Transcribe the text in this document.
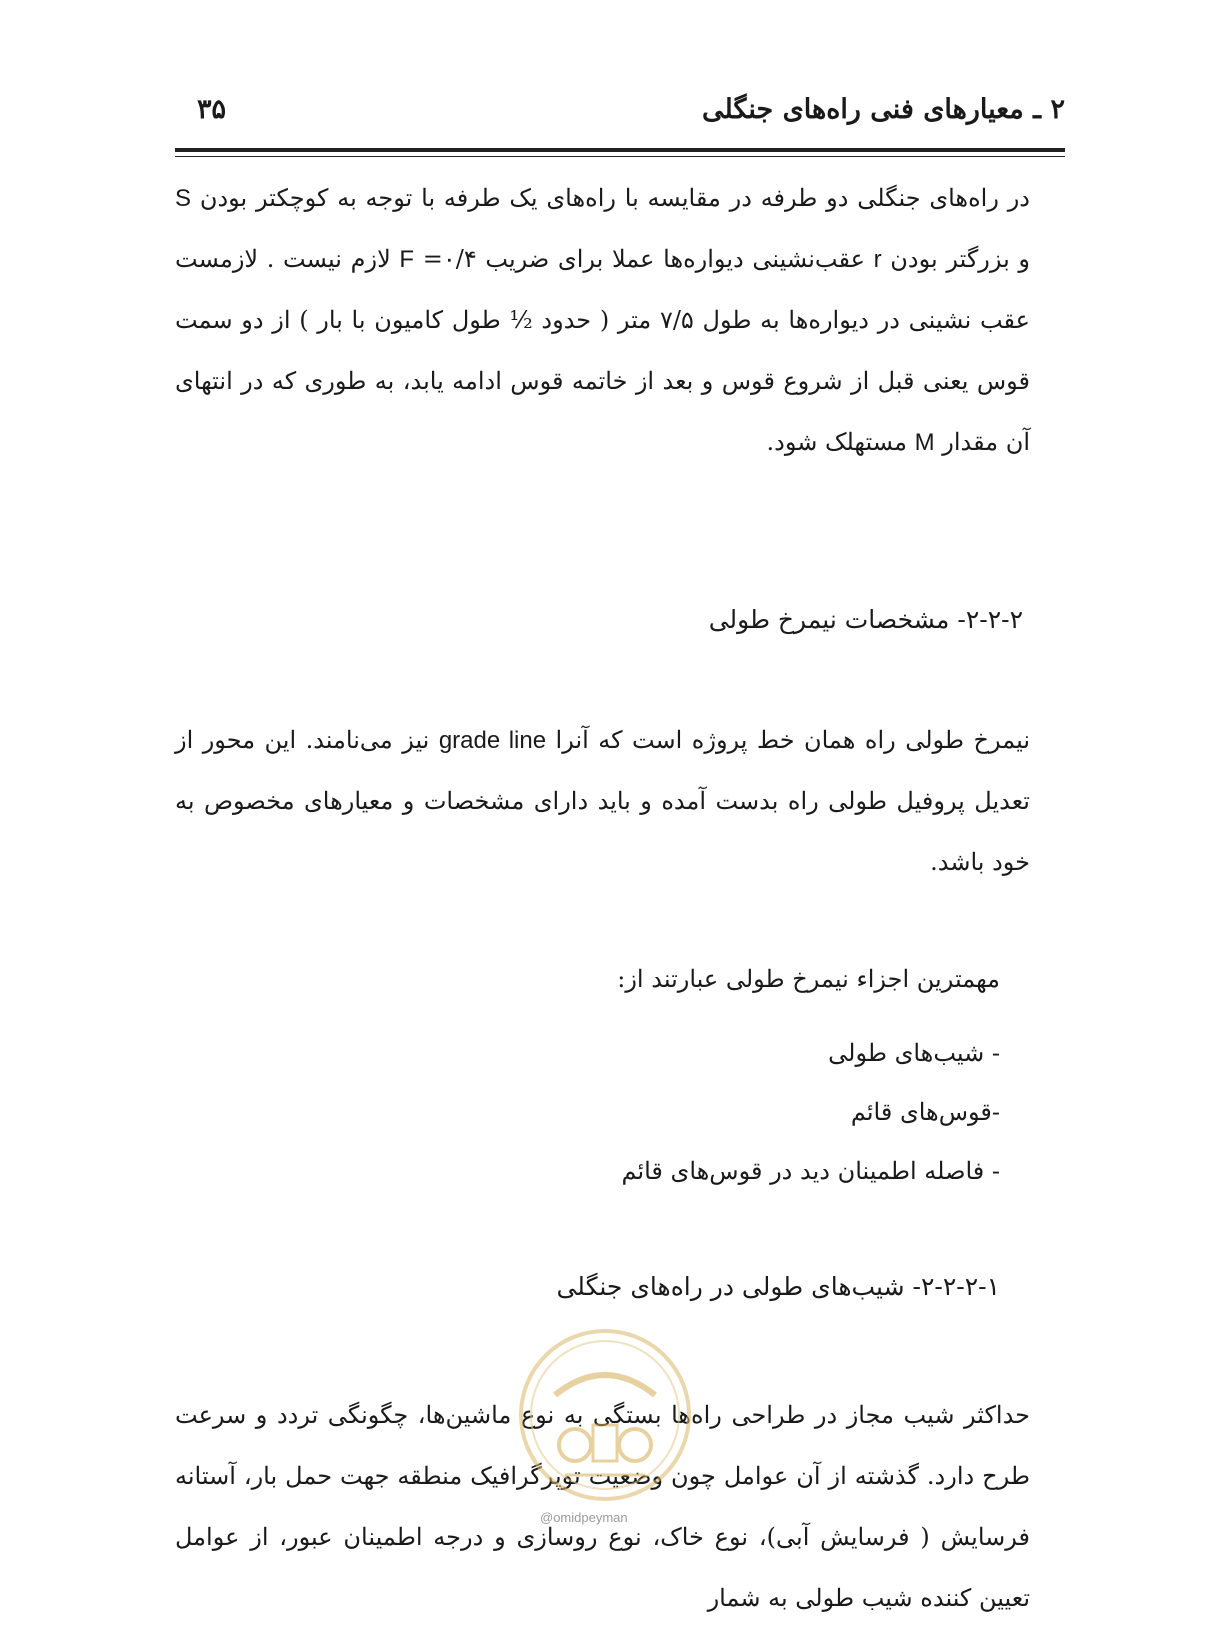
۲ ـ معیارهای فنی راه‌های جنگلی
۳۵

در راه‌های جنگلی دو طرفه در مقایسه با راه‌های یک طرفه با توجه به کوچکتر بودن S و بزرگتر بودن r عقب‌نشینی دیواره‌ها عملا برای ضریب F =۰/۴ لازم نیست . لازمست عقب نشینی در دیواره‌ها به طول ۷/۵ متر ( حدود ½ طول کامیون با بار ) از دو سمت قوس یعنی قبل از شروع قوس و بعد از خاتمه قوس ادامه یابد، به طوری که در انتهای آن مقدار M مستهلک شود.

۲-۲-۲- مشخصات نیمرخ طولی

نیمرخ طولی راه همان خط پروژه است که آنرا grade line نیز می‌نامند. این محور از تعدیل پروفیل طولی راه بدست آمده و باید دارای مشخصات و معیارهای مخصوص به خود باشد.

مهمترین اجزاء نیمرخ طولی عبارتند از:
- شیب‌های طولی
-قوس‌های قائم
- فاصله اطمینان دید در قوس‌های قائم
۲-۲-۲-۱- شیب‌های طولی در راه‌های جنگلی

حداکثر شیب مجاز در طراحی راه‌ها بستگی به نوع ماشین‌ها، چگونگی تردد و سرعت طرح دارد. گذشته از آن عوامل چون وضعیت توپرگرافیک منطقه جهت حمل بار، آستانه فرسایش ( فرسایش آبی)، نوع خاک، نوع روسازی و درجه اطمینان عبور، از عوامل تعیین کننده شیب طولی به شمار

@omidpeyman
